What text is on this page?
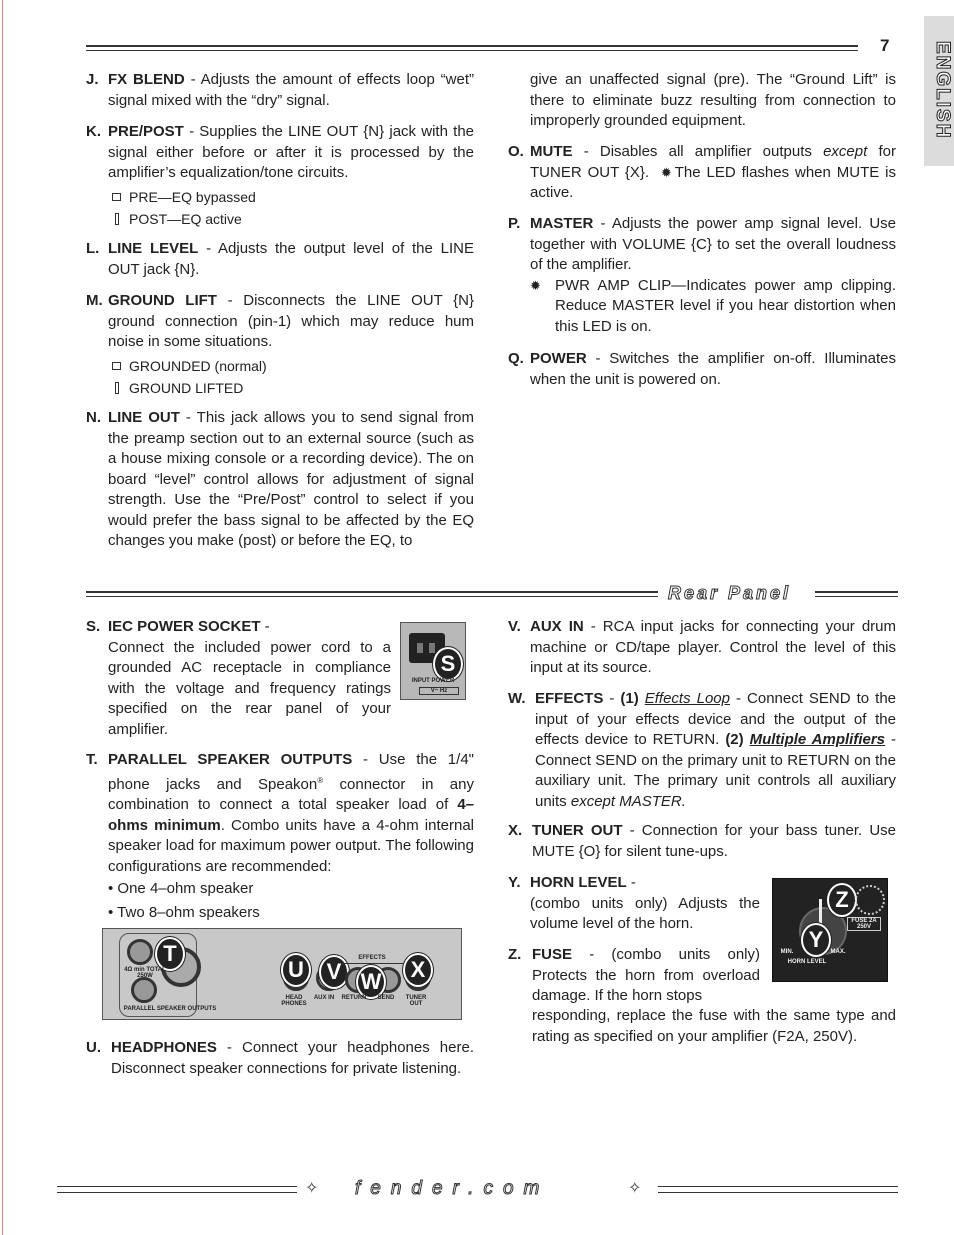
7	ENGLISH
J. FX BLEND - Adjusts the amount of effects loop “wet” signal mixed with the “dry” signal.
K. PRE/POST - Supplies the LINE OUT {N} jack with the signal either before or after it is processed by the amplifier’s equalization/tone circuits.
PRE—EQ bypassed
POST—EQ active
L. LINE LEVEL - Adjusts the output level of the LINE OUT jack {N}.
M. GROUND LIFT - Disconnects the LINE OUT {N} ground connection (pin-1) which may reduce hum noise in some situations.
GROUNDED (normal)
GROUND LIFTED
N. LINE OUT - This jack allows you to send signal from the preamp section out to an external source (such as a house mixing console or a recording device). The on board “level” control allows for adjustment of signal strength. Use the “Pre/Post” control to select if you would prefer the bass signal to be affected by the EQ changes you make (post) or before the EQ, to
give an unaffected signal (pre). The “Ground Lift” is there to eliminate buzz resulting from connection to improperly grounded equipment.
O. MUTE - Disables all amplifier outputs except for TUNER OUT {X}. ✹ The LED flashes when MUTE is active.
P. MASTER - Adjusts the power amp signal level. Use together with VOLUME {C} to set the overall loudness of the amplifier.
✹ PWR AMP CLIP—Indicates power amp clipping. Reduce MASTER level if you hear distortion when this LED is on.
Q. POWER - Switches the amplifier on-off. Illuminates when the unit is powered on.
Rear Panel
S. IEC POWER SOCKET -
Connect the included power cord to a grounded AC receptacle in compliance with the voltage and frequency ratings specified on the rear panel of your amplifier.
S
INPUT POWER
V~ Hz
T. PARALLEL SPEAKER OUTPUTS - Use the 1/4" phone jacks and Speakon® connector in any combination to connect a total speaker load of 4–ohms minimum. Combo units have a 4-ohm internal speaker load for maximum power output. The following configurations are recommended:
• One 4–ohm speaker
• Two 8–ohm speakers
T
4Ω min TOTAL 250W
PARALLEL SPEAKER OUTPUTS
U
HEAD PHONES
V
AUX IN
EFFECTS
W
RETURN	SEND
X
TUNER OUT
U. HEADPHONES - Connect your headphones here. Disconnect speaker connections for private listening.
V. AUX IN - RCA input jacks for connecting your drum machine or CD/tape player. Control the level of this input at its source.
W. EFFECTS - (1) Effects Loop - Connect SEND to the input of your effects device and the output of the effects device to RETURN. (2) Multiple Amplifiers - Connect SEND on the primary unit to RETURN on the auxiliary unit. The primary unit controls all auxiliary units except MASTER.
X. TUNER OUT - Connection for your bass tuner. Use MUTE {O} for silent tune-ups.
Y. HORN LEVEL -
(combo units only) Adjusts the volume level of the horn.
Z. FUSE - (combo units only) Protects the horn from overload damage. If the horn stops
responding, replace the fuse with the same type and rating as specified on your amplifier (F2A, 250V).
Y
Z
FUSE 2A 250V
MIN.	MAX.
HORN LEVEL
✧ fender.com	✧
